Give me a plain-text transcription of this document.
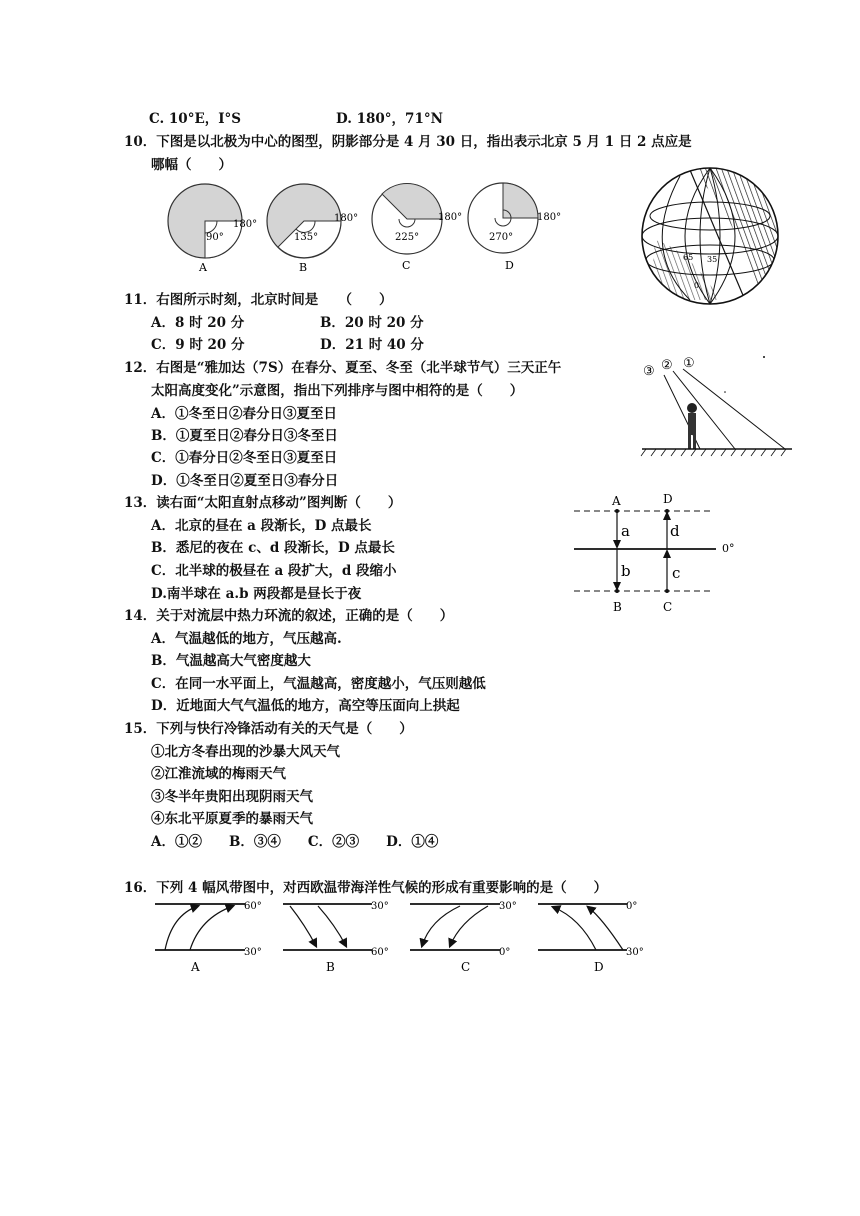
C. 10°E，I°S	D. 180°，71°N
10．下图是以北极为中心的图型，阴影部分是 4 月 30 日，指出表示北京 5 月 1 日 2 点应是
哪幅（　　）
90°
180°
A
135°
180°
B
225°
180°
C
270°
180°
D
65 35
0
11．右图所示时刻，北京时间是　　（　　）
A．8 时 20 分	B．20 时 20 分
C．9 时 20 分	D．21 时 40 分
12．右图是“雅加达（7S）在春分、夏至、冬至（北半球节气）三天正午
太阳高度变化”示意图，指出下列排序与图中相符的是（　　）
A．①冬至日②春分日③夏至日
B．①夏至日②春分日③冬至日
C．①春分日②冬至日③夏至日
D．①冬至日②夏至日③春分日
③ ② ①
13．读右面“太阳直射点移动”图判断（　　）
A．北京的昼在 a 段渐长，D 点最长
B．悉尼的夜在 c、d 段渐长，D 点最长
C．北半球的极昼在 a 段扩大，d 段缩小
D.南半球在 a.b 两段都是昼长于夜
A	D
B	C
0°
a
b	c
d
14．关于对流层中热力环流的叙述，正确的是（　　）
A．气温越低的地方，气压越高.
B．气温越高大气密度越大
C．在同一水平面上，气温越高，密度越小，气压则越低
D．近地面大气气温低的地方，高空等压面向上拱起
15．下列与快行冷锋活动有关的天气是（　　）
①北方冬春出现的沙暴大风天气
②江淮流域的梅雨天气
③冬半年贵阳出现阴雨天气
④东北平原夏季的暴雨天气
A．①②　　B．③④　　C．②③　　D．①④
16．下列 4 幅风带图中，对西欧温带海洋性气候的形成有重要影响的是（　　）
60°
30°
A
30°
60°
B
30°
0°
C
0°
30°
D
